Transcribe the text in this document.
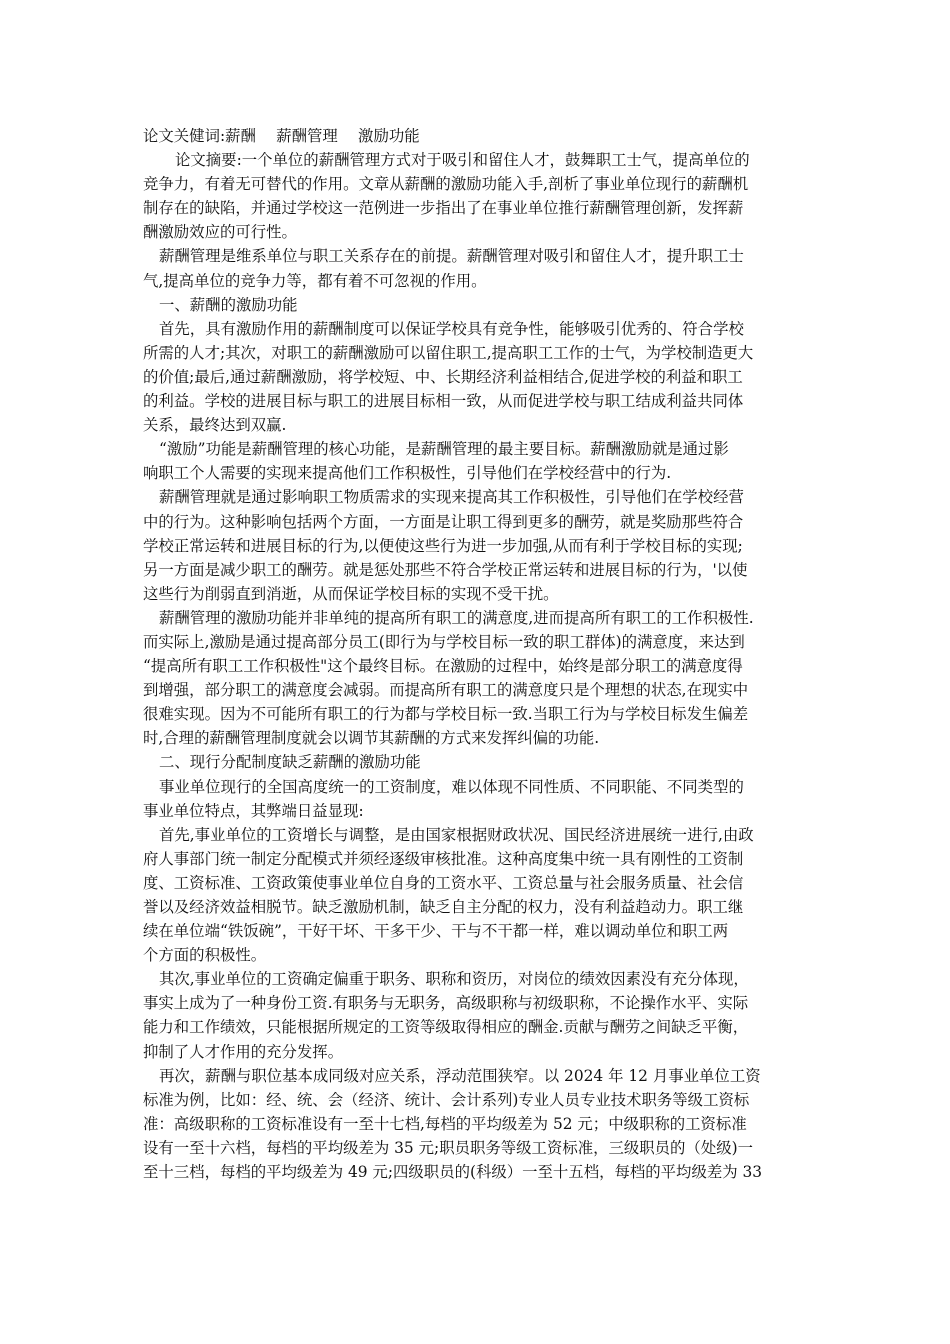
论文关健词:薪酬　 薪酬管理　 激励功能
论文摘要:一个单位的薪酬管理方式对于吸引和留住人才，鼓舞职工士气，提高单位的
竞争力，有着无可替代的作用。文章从薪酬的激励功能入手,剖析了事业单位现行的薪酬机
制存在的缺陷，并通过学校这一范例进一步指出了在事业单位推行薪酬管理创新，发挥薪
酬激励效应的可行性。
薪酬管理是维系单位与职工关系存在的前提。薪酬管理对吸引和留住人才，提升职工士
气,提高单位的竞争力等，都有着不可忽视的作用。
一、薪酬的激励功能
首先，具有激励作用的薪酬制度可以保证学校具有竞争性，能够吸引优秀的、符合学校
所需的人才;其次，对职工的薪酬激励可以留住职工,提高职工工作的士气，为学校制造更大
的价值;最后,通过薪酬激励，将学校短、中、长期经济利益相结合,促进学校的利益和职工
的利益。学校的进展目标与职工的进展目标相一致，从而促进学校与职工结成利益共同体
关系，最终达到双赢.
“激励”功能是薪酬管理的核心功能，是薪酬管理的最主要目标。薪酬激励就是通过影
响职工个人需要的实现来提高他们工作积极性，引导他们在学校经营中的行为.
薪酬管理就是通过影响职工物质需求的实现来提高其工作积极性，引导他们在学校经营
中的行为。这种影响包括两个方面，一方面是让职工得到更多的酬劳，就是奖励那些符合
学校正常运转和进展目标的行为,以便使这些行为进一步加强,从而有利于学校目标的实现;
另一方面是减少职工的酬劳。就是惩处那些不符合学校正常运转和进展目标的行为，'以使
这些行为削弱直到消逝，从而保证学校目标的实现不受干扰。
薪酬管理的激励功能并非单纯的提高所有职工的满意度,进而提高所有职工的工作积极性.
而实际上,激励是通过提高部分员工(即行为与学校目标一致的职工群体)的满意度，来达到
“提高所有职工工作积极性"这个最终目标。在激励的过程中，始终是部分职工的满意度得
到增强，部分职工的满意度会减弱。而提高所有职工的满意度只是个理想的状态,在现实中
很难实现。因为不可能所有职工的行为都与学校目标一致.当职工行为与学校目标发生偏差
时,合理的薪酬管理制度就会以调节其薪酬的方式来发挥纠偏的功能.
二、现行分配制度缺乏薪酬的激励功能
事业单位现行的全国高度统一的工资制度，难以体现不同性质、不同职能、不同类型的
事业单位特点，其弊端日益显现:
首先,事业单位的工资增长与调整，是由国家根据财政状况、国民经济进展统一进行,由政
府人事部门统一制定分配模式并须经逐级审核批准。这种高度集中统一具有刚性的工资制
度、工资标准、工资政策使事业单位自身的工资水平、工资总量与社会服务质量、社会信
誉以及经济效益相脱节。缺乏激励机制，缺乏自主分配的权力，没有利益趋动力。职工继
续在单位端“铁饭碗”，干好干坏、干多干少、干与不干都一样，难以调动单位和职工两
个方面的积极性。
其次,事业单位的工资确定偏重于职务、职称和资历，对岗位的绩效因素没有充分体现，
事实上成为了一种身份工资.有职务与无职务，高级职称与初级职称，不论操作水平、实际
能力和工作绩效，只能根据所规定的工资等级取得相应的酬金.贡献与酬劳之间缺乏平衡，
抑制了人才作用的充分发挥。
再次，薪酬与职位基本成同级对应关系，浮动范围狭窄。以 2024 年 12 月事业单位工资
标准为例，比如：经、统、会（经济、统计、会计系列)专业人员专业技术职务等级工资标
准：高级职称的工资标准设有一至十七档,每档的平均级差为 52 元；中级职称的工资标准
设有一至十六档，每档的平均级差为 35 元;职员职务等级工资标准，三级职员的（处级)一
至十三档，每档的平均级差为 49 元;四级职员的(科级）一至十五档，每档的平均级差为 33
